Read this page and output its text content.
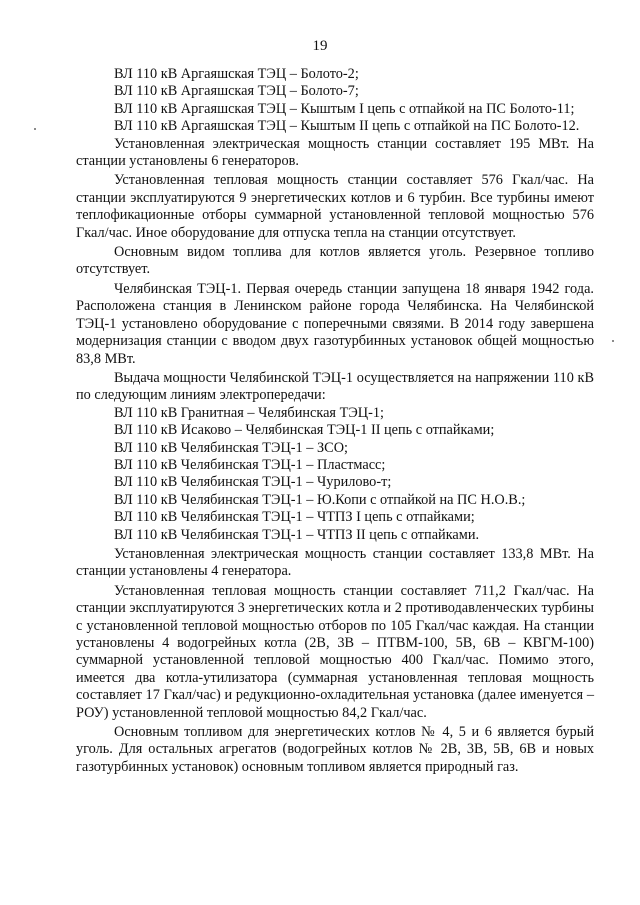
19

ВЛ 110 кВ Аргаяшская ТЭЦ – Болото-2;

ВЛ 110 кВ Аргаяшская ТЭЦ – Болото-7;

ВЛ 110 кВ Аргаяшская ТЭЦ – Кыштым I цепь с отпайкой на ПС Болото-11;

ВЛ 110 кВ Аргаяшская ТЭЦ – Кыштым II цепь с отпайкой на ПС Болото-12.

Установленная электрическая мощность станции составляет 195 МВт. На станции установлены 6 генераторов.

Установленная тепловая мощность станции составляет 576 Гкал/час. На станции эксплуатируются 9 энергетических котлов и 6 турбин. Все турбины имеют теплофикационные отборы суммарной установленной тепловой мощностью 576 Гкал/час. Иное оборудование для отпуска тепла на станции отсутствует.

Основным видом топлива для котлов является уголь. Резервное топливо отсутствует.

Челябинская ТЭЦ-1. Первая очередь станции запущена 18 января 1942 года. Расположена станция в Ленинском районе города Челябинска. На Челябинской ТЭЦ-1 установлено оборудование с поперечными связями. В 2014 году завершена модернизация станции с вводом двух газотурбинных установок общей мощностью 83,8 МВт.

Выдача мощности Челябинской ТЭЦ-1 осуществляется на напряжении 110 кВ по следующим линиям электропередачи:

ВЛ 110 кВ Гранитная – Челябинская ТЭЦ-1;

ВЛ 110 кВ Исаково – Челябинская ТЭЦ-1 II цепь с отпайками;

ВЛ 110 кВ Челябинская ТЭЦ-1 – ЗСО;

ВЛ 110 кВ Челябинская ТЭЦ-1 – Пластмасс;

ВЛ 110 кВ Челябинская ТЭЦ-1 – Чурилово-т;

ВЛ 110 кВ Челябинская ТЭЦ-1 – Ю.Копи с отпайкой на ПС Н.О.В.;

ВЛ 110 кВ Челябинская ТЭЦ-1 – ЧТПЗ I цепь с отпайками;

ВЛ 110 кВ Челябинская ТЭЦ-1 – ЧТПЗ II цепь с отпайками.

Установленная электрическая мощность станции составляет 133,8 МВт. На станции установлены 4 генератора.

Установленная тепловая мощность станции составляет 711,2 Гкал/час. На станции эксплуатируются 3 энергетических котла и 2 противодавленческих турбины с установленной тепловой мощностью отборов по 105 Гкал/час каждая. На станции установлены 4 водогрейных котла (2В, 3В – ПТВМ-100, 5В, 6В – КВГМ-100) суммарной установленной тепловой мощностью 400 Гкал/час. Помимо этого, имеется два котла-утилизатора (суммарная установленная тепловая мощность составляет 17 Гкал/час) и редукционно-охладительная установка (далее именуется – РОУ) установленной тепловой мощностью 84,2 Гкал/час.

Основным топливом для энергетических котлов № 4, 5 и 6 является бурый уголь. Для остальных агрегатов (водогрейных котлов № 2В, 3В, 5В, 6В и новых газотурбинных установок) основным топливом является природный газ.
